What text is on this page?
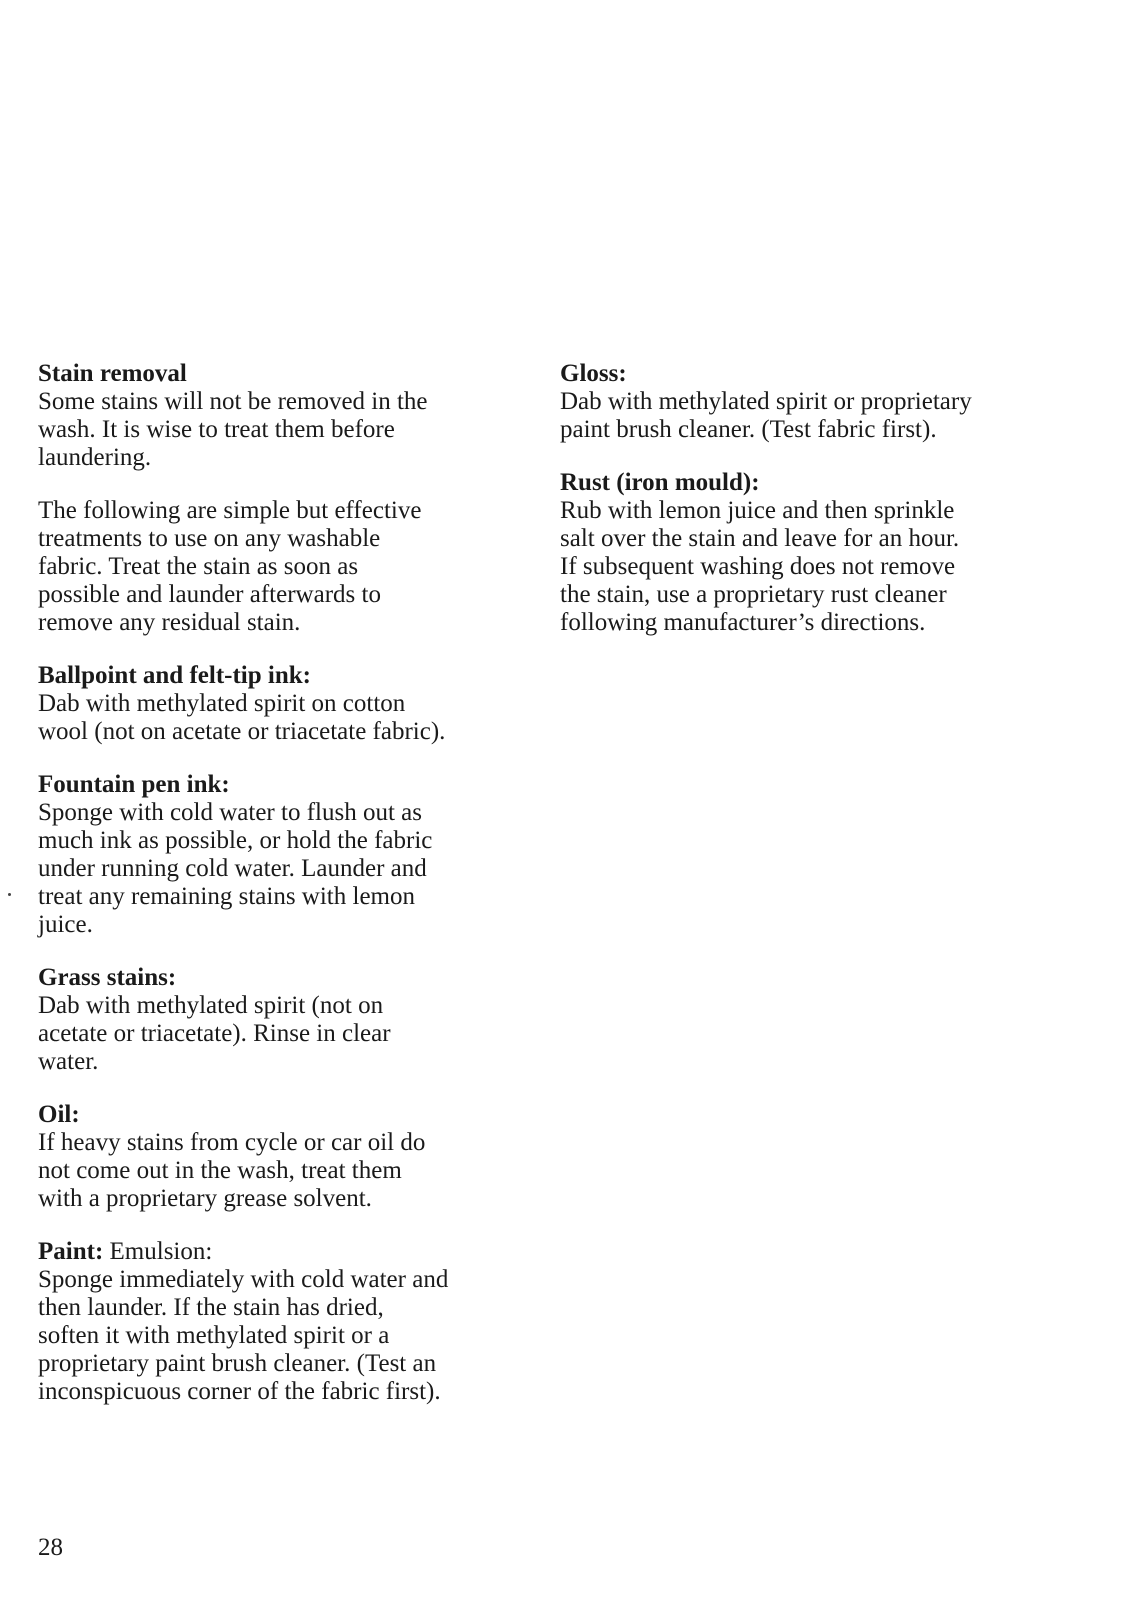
Stain removal

Some stains will not be removed in the
wash. It is wise to treat them before
laundering.

The following are simple but effective
treatments to use on any washable
fabric. Treat the stain as soon as
possible and launder afterwards to
remove any residual stain.

Ballpoint and felt-tip ink:

Dab with methylated spirit on cotton
wool (not on acetate or triacetate fabric).

Fountain pen ink:

Sponge with cold water to flush out as
much ink as possible, or hold the fabric
under running cold water. Launder and
treat any remaining stains with lemon
juice.

Grass stains:

Dab with methylated spirit (not on
acetate or triacetate). Rinse in clear
water.

Oil:

If heavy stains from cycle or car oil do
not come out in the wash, treat them
with a proprietary grease solvent.

Paint: Emulsion:

Sponge immediately with cold water and
then launder. If the stain has dried,
soften it with methylated spirit or a
proprietary paint brush cleaner. (Test an
inconspicuous corner of the fabric first).

Gloss:

Dab with methylated spirit or proprietary
paint brush cleaner. (Test fabric first).

Rust (iron mould):

Rub with lemon juice and then sprinkle
salt over the stain and leave for an hour.
If subsequent washing does not remove
the stain, use a proprietary rust cleaner
following manufacturer’s directions.

28
